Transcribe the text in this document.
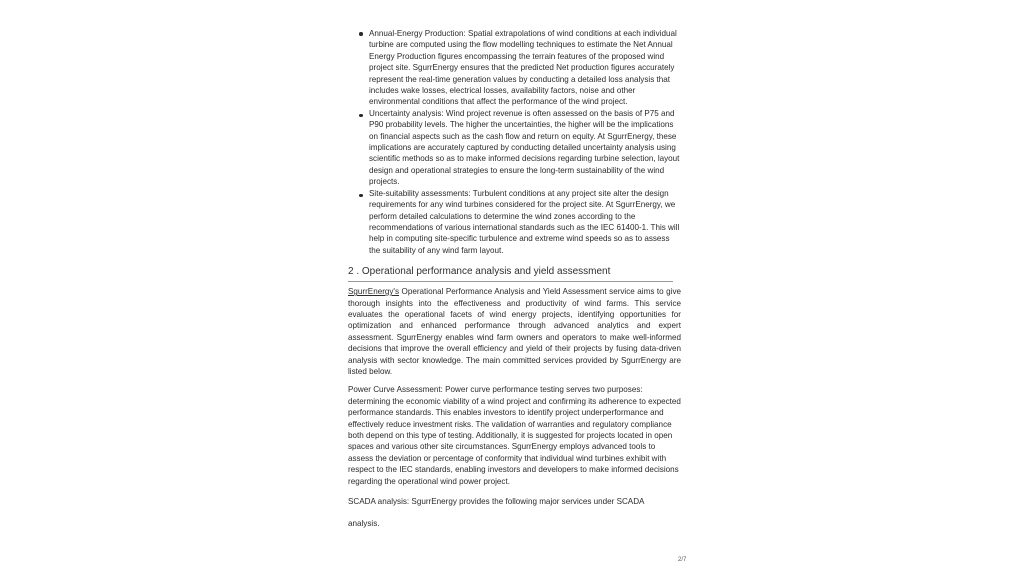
Annual-Energy Production: Spatial extrapolations of wind conditions at each individual turbine are computed using the flow modelling techniques to estimate the Net Annual Energy Production figures encompassing the terrain features of the proposed wind project site. SgurrEnergy ensures that the predicted Net production figures accurately represent the real-time generation values by conducting a detailed loss analysis that includes wake losses, electrical losses, availability factors, noise and other environmental conditions that affect the performance of the wind project.
Uncertainty analysis: Wind project revenue is often assessed on the basis of P75 and P90 probability levels. The higher the uncertainties, the higher will be the implications on financial aspects such as the cash flow and return on equity. At SgurrEnergy, these implications are accurately captured by conducting detailed uncertainty analysis using scientific methods so as to make informed decisions regarding turbine selection, layout design and operational strategies to ensure the long-term sustainability of the wind projects.
Site-suitability assessments: Turbulent conditions at any project site alter the design requirements for any wind turbines considered for the project site. At SgurrEnergy, we perform detailed calculations to determine the wind zones according to the recommendations of various international standards such as the IEC 61400-1. This will help in computing site-specific turbulence and extreme wind speeds so as to assess the suitability of any wind farm layout.
2 . Operational performance analysis and yield assessment

SgurrEnergy's Operational Performance Analysis and Yield Assessment service aims to give thorough insights into the effectiveness and productivity of wind farms. This service evaluates the operational facets of wind energy projects, identifying opportunities for optimization and enhanced performance through advanced analytics and expert assessment. SgurrEnergy enables wind farm owners and operators to make well-informed decisions that improve the overall efficiency and yield of their projects by fusing data-driven analysis with sector knowledge. The main committed services provided by SgurrEnergy are listed below.

Power Curve Assessment: Power curve performance testing serves two purposes: determining the economic viability of a wind project and confirming its adherence to expected performance standards. This enables investors to identify project underperformance and effectively reduce investment risks. The validation of warranties and regulatory compliance both depend on this type of testing. Additionally, it is suggested for projects located in open spaces and various other site circumstances. SgurrEnergy employs advanced tools to assess the deviation or percentage of conformity that individual wind turbines exhibit with respect to the IEC standards, enabling investors and developers to make informed decisions regarding the operational wind power project.

SCADA analysis: SgurrEnergy provides the following major services under SCADA

analysis.

2/7
